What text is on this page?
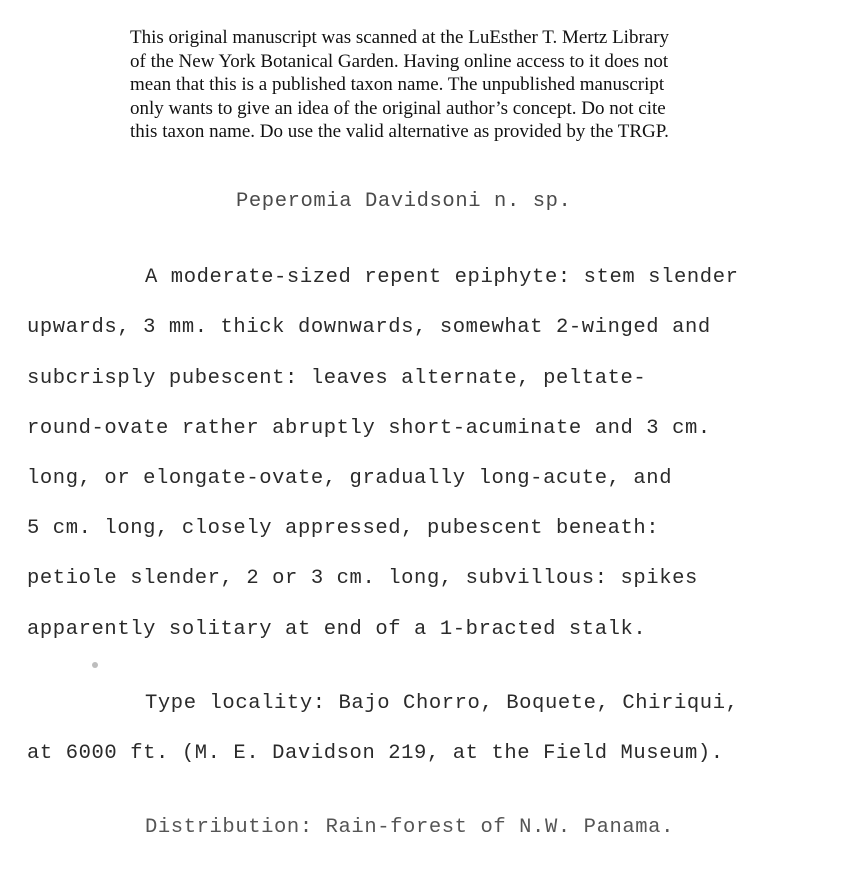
This original manuscript was scanned at the LuEsther T. Mertz Library
of the New York Botanical Garden. Having online access to it does not
mean that this is a published taxon name. The unpublished manuscript
only wants to give an idea of the original author’s concept. Do not cite
this taxon name. Do use the valid alternative as provided by the TRGP.
Peperomia Davidsoni n. sp.
A moderate-sized repent epiphyte: stem slender
upwards, 3 mm. thick downwards, somewhat 2-winged and
subcrisply pubescent: leaves alternate, peltate-
round-ovate rather abruptly short-acuminate and 3 cm.
long, or elongate-ovate, gradually long-acute, and
5 cm. long, closely appressed, pubescent beneath:
petiole slender, 2 or 3 cm. long, subvillous: spikes
apparently solitary at end of a 1-bracted stalk.
Type locality: Bajo Chorro, Boquete, Chiriqui,
at 6000 ft. (M. E. Davidson 219, at the Field Museum).
Distribution: Rain-forest of N.W. Panama.
